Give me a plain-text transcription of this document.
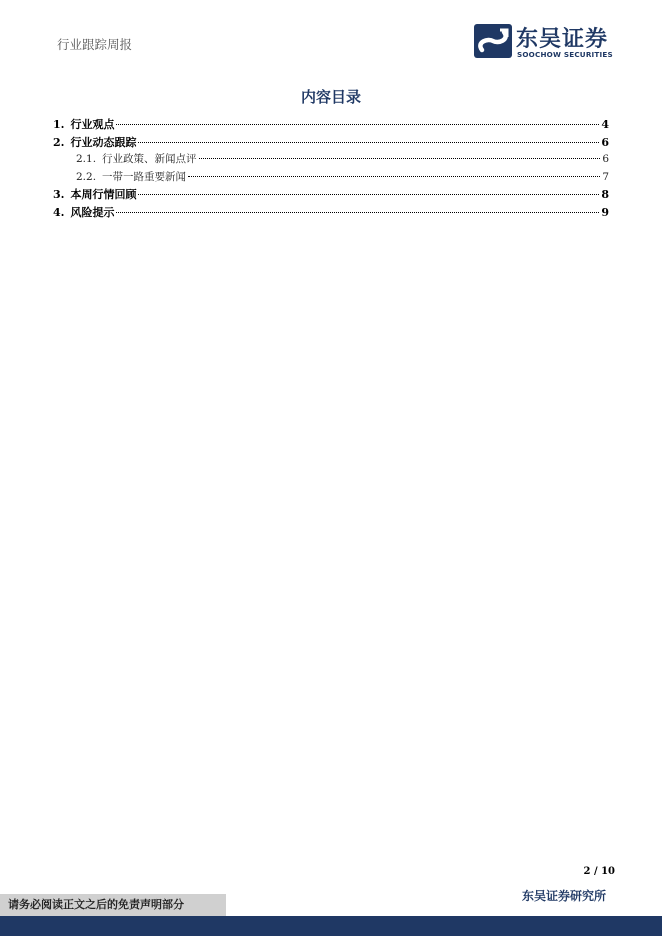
行业跟踪周报	东吴证券
SOOCHOW SECURITIES
内容目录
1. 行业观点	4
2. 行业动态跟踪	6
2.1. 行业政策、新闻点评	6
2.2. 一带一路重要新闻	7
3. 本周行情回顾	8
4. 风险提示	9
2 / 10
请务必阅读正文之后的免责声明部分
东吴证券研究所
